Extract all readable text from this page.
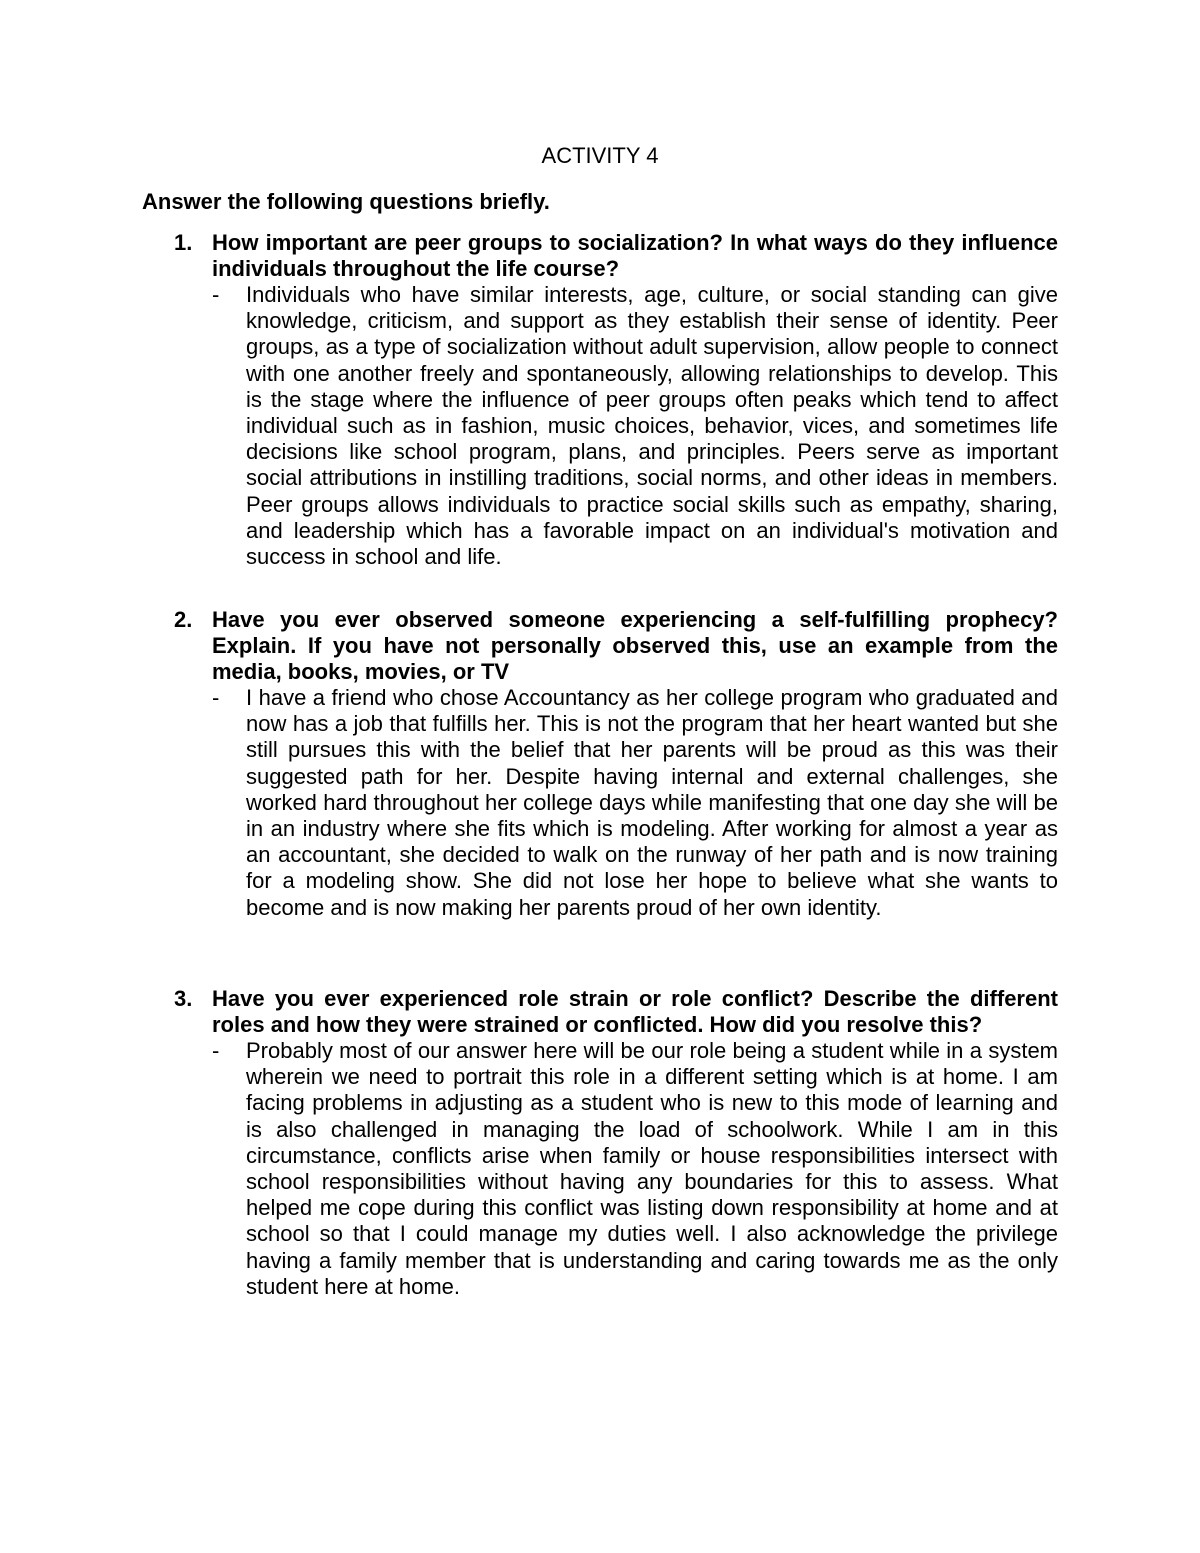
ACTIVITY 4
Answer the following questions briefly.
1. How important are peer groups to socialization? In what ways do they influence individuals throughout the life course?
- Individuals who have similar interests, age, culture, or social standing can give knowledge, criticism, and support as they establish their sense of identity. Peer groups, as a type of socialization without adult supervision, allow people to connect with one another freely and spontaneously, allowing relationships to develop. This is the stage where the influence of peer groups often peaks which tend to affect individual such as in fashion, music choices, behavior, vices, and sometimes life decisions like school program, plans, and principles. Peers serve as important social attributions in instilling traditions, social norms, and other ideas in members. Peer groups allows individuals to practice social skills such as empathy, sharing, and leadership which has a favorable impact on an individual's motivation and success in school and life.
2. Have you ever observed someone experiencing a self-fulfilling prophecy? Explain. If you have not personally observed this, use an example from the media, books, movies, or TV
- I have a friend who chose Accountancy as her college program who graduated and now has a job that fulfills her. This is not the program that her heart wanted but she still pursues this with the belief that her parents will be proud as this was their suggested path for her. Despite having internal and external challenges, she worked hard throughout her college days while manifesting that one day she will be in an industry where she fits which is modeling. After working for almost a year as an accountant, she decided to walk on the runway of her path and is now training for a modeling show. She did not lose her hope to believe what she wants to become and is now making her parents proud of her own identity.
3. Have you ever experienced role strain or role conflict? Describe the different roles and how they were strained or conflicted. How did you resolve this?
- Probably most of our answer here will be our role being a student while in a system wherein we need to portrait this role in a different setting which is at home. I am facing problems in adjusting as a student who is new to this mode of learning and is also challenged in managing the load of schoolwork. While I am in this circumstance, conflicts arise when family or house responsibilities intersect with school responsibilities without having any boundaries for this to assess. What helped me cope during this conflict was listing down responsibility at home and at school so that I could manage my duties well. I also acknowledge the privilege having a family member that is understanding and caring towards me as the only student here at home.
